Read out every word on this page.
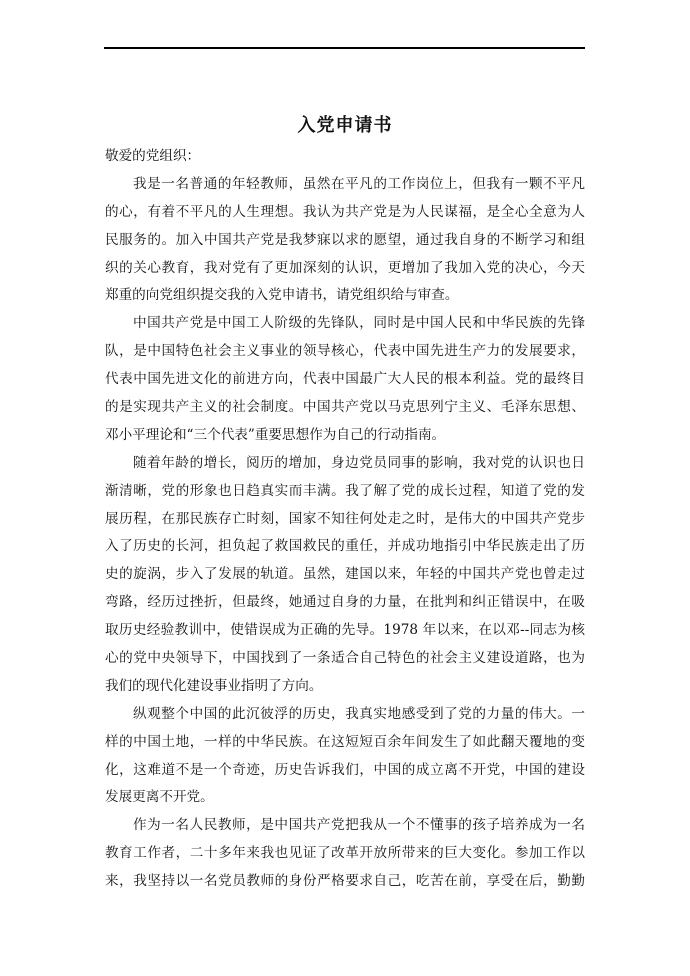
入党申请书
敬爱的党组织：
我是一名普通的年轻教师，虽然在平凡的工作岗位上，但我有一颗不平凡
的心，有着不平凡的人生理想。我认为共产党是为人民谋福，是全心全意为人
民服务的。加入中国共产党是我梦寐以求的愿望，通过我自身的不断学习和组
织的关心教育，我对党有了更加深刻的认识，更增加了我加入党的决心，今天
郑重的向党组织提交我的入党申请书，请党组织给与审查。
中国共产党是中国工人阶级的先锋队，同时是中国人民和中华民族的先锋
队，是中国特色社会主义事业的领导核心，代表中国先进生产力的发展要求，
代表中国先进文化的前进方向，代表中国最广大人民的根本利益。党的最终目
的是实现共产主义的社会制度。中国共产党以马克思列宁主义、毛泽东思想、
邓小平理论和“三个代表”重要思想作为自己的行动指南。
随着年龄的增长，阅历的增加，身边党员同事的影响，我对党的认识也日
渐清晰，党的形象也日趋真实而丰满。我了解了党的成长过程，知道了党的发
展历程，在那民族存亡时刻，国家不知往何处走之时，是伟大的中国共产党步
入了历史的长河，担负起了救国救民的重任，并成功地指引中华民族走出了历
史的旋涡，步入了发展的轨道。虽然，建国以来，年轻的中国共产党也曾走过
弯路，经历过挫折，但最终，她通过自身的力量，在批判和纠正错误中，在吸
取历史经验教训中，使错误成为正确的先导。1978 年以来，在以邓--同志为核
心的党中央领导下，中国找到了一条适合自己特色的社会主义建设道路，也为
我们的现代化建设事业指明了方向。
纵观整个中国的此沉彼浮的历史，我真实地感受到了党的力量的伟大。一
样的中国土地，一样的中华民族。在这短短百余年间发生了如此翻天覆地的变
化，这难道不是一个奇迹，历史告诉我们，中国的成立离不开党，中国的建设
发展更离不开党。
作为一名人民教师，是中国共产党把我从一个不懂事的孩子培养成为一名
教育工作者，二十多年来我也见证了改革开放所带来的巨大变化。参加工作以
来，我坚持以一名党员教师的身份严格要求自己，吃苦在前，享受在后，勤勤
